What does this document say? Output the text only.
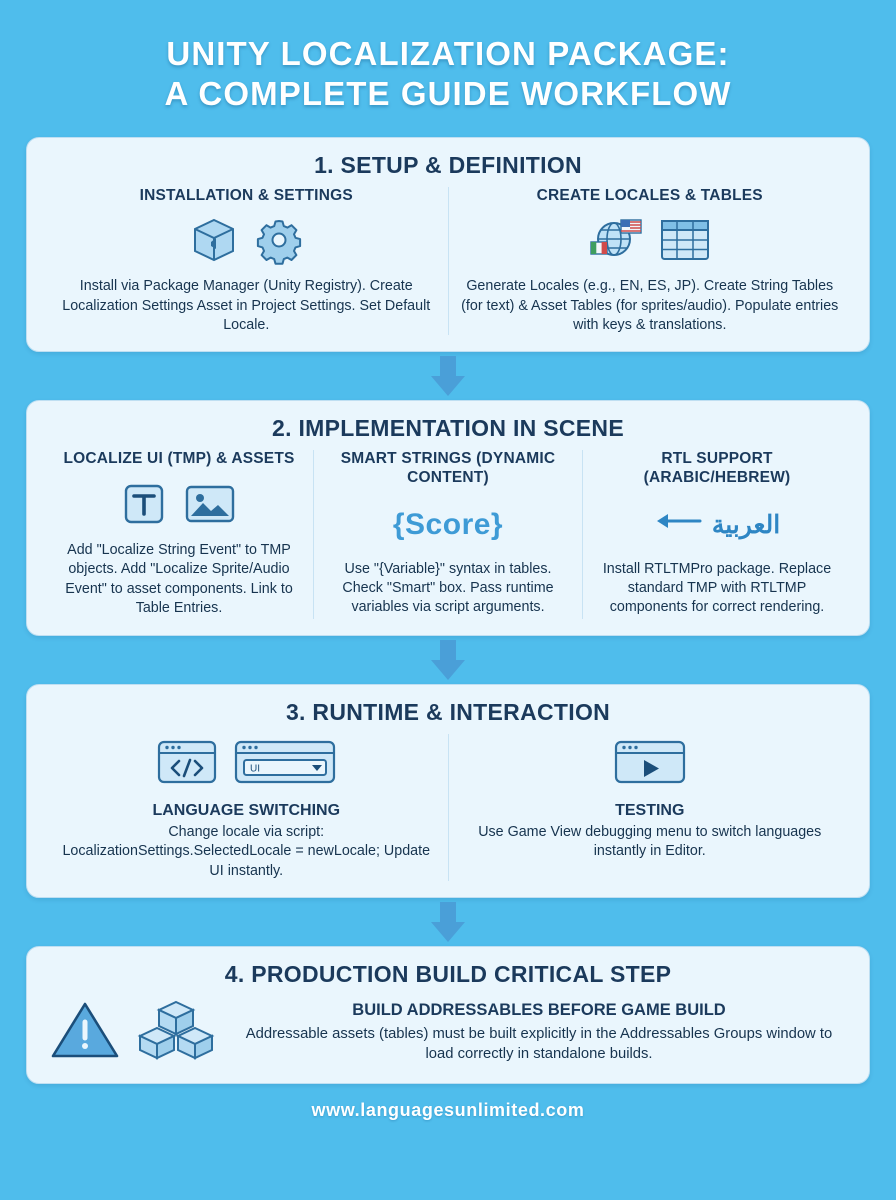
UNITY LOCALIZATION PACKAGE:
A COMPLETE GUIDE WORKFLOW
1. SETUP & DEFINITION
INSTALLATION & SETTINGS
Install via Package Manager (Unity Registry). Create Localization Settings Asset in Project Settings. Set Default Locale.
CREATE LOCALES & TABLES
Generate Locales (e.g., EN, ES, JP). Create String Tables (for text) & Asset Tables (for sprites/audio). Populate entries with keys & translations.
2. IMPLEMENTATION IN SCENE
LOCALIZE UI (TMP) & ASSETS
Add "Localize String Event" to TMP objects. Add "Localize Sprite/Audio Event" to asset components. Link to Table Entries.
SMART STRINGS (DYNAMIC CONTENT)
{Score}
Use "{Variable}" syntax in tables. Check "Smart" box. Pass runtime variables via script arguments.
RTL SUPPORT (ARABIC/HEBREW)
العربية
Install RTLTMPro package. Replace standard TMP with RTLTMP components for correct rendering.
3. RUNTIME & INTERACTION
UI
LANGUAGE SWITCHING
Change locale via script: LocalizationSettings.SelectedLocale = newLocale; Update UI instantly.
TESTING
Use Game View debugging menu to switch languages instantly in Editor.
4. PRODUCTION BUILD CRITICAL STEP
BUILD ADDRESSABLES BEFORE GAME BUILD
Addressable assets (tables) must be built explicitly in the Addressables Groups window to load correctly in standalone builds.
www.languagesunlimited.com
